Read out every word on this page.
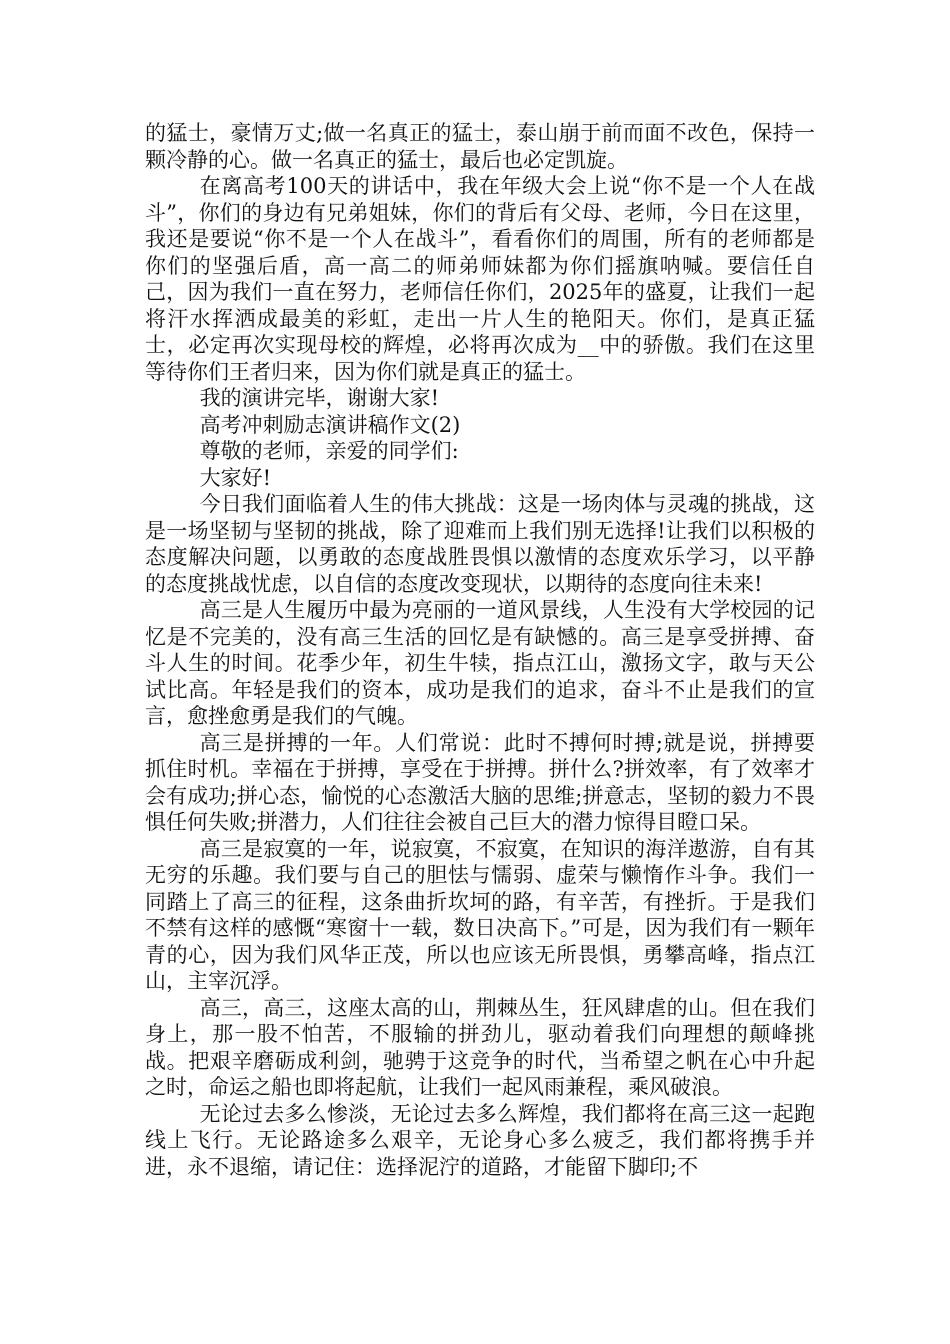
的猛士，豪情万丈;做一名真正的猛士，泰山崩于前而面不改色，保持一颗冷静的心。做一名真正的猛士，最后也必定凯旋。

在离高考100天的讲话中，我在年级大会上说“你不是一个人在战斗”，你们的身边有兄弟姐妹，你们的背后有父母、老师，今日在这里，我还是要说“你不是一个人在战斗”，看看你们的周围，所有的老师都是你们的坚强后盾，高一高二的师弟师妹都为你们摇旗呐喊。要信任自己，因为我们一直在努力，老师信任你们，2025年的盛夏，让我们一起将汗水挥洒成最美的彩虹，走出一片人生的艳阳天。你们，是真正猛士，必定再次实现母校的辉煌，必将再次成为__中的骄傲。我们在这里等待你们王者归来，因为你们就是真正的猛士。

我的演讲完毕，谢谢大家!

高考冲刺励志演讲稿作文(2)

尊敬的老师，亲爱的同学们:

大家好!

今日我们面临着人生的伟大挑战：这是一场肉体与灵魂的挑战，这是一场坚韧与坚韧的挑战，除了迎难而上我们别无选择!让我们以积极的态度解决问题，以勇敢的态度战胜畏惧以激情的态度欢乐学习，以平静的态度挑战忧虑，以自信的态度改变现状，以期待的态度向往未来!

高三是人生履历中最为亮丽的一道风景线，人生没有大学校园的记忆是不完美的，没有高三生活的回忆是有缺憾的。高三是享受拼搏、奋斗人生的时间。花季少年，初生牛犊，指点江山，激扬文字，敢与天公试比高。年轻是我们的资本，成功是我们的追求，奋斗不止是我们的宣言，愈挫愈勇是我们的气魄。

高三是拼搏的一年。人们常说：此时不搏何时搏;就是说，拼搏要抓住时机。幸福在于拼搏，享受在于拼搏。拼什么?拼效率，有了效率才会有成功;拼心态，愉悦的心态激活大脑的思维;拼意志，坚韧的毅力不畏惧任何失败;拼潜力，人们往往会被自己巨大的潜力惊得目瞪口呆。

高三是寂寞的一年，说寂寞，不寂寞，在知识的海洋遨游，自有其无穷的乐趣。我们要与自己的胆怯与懦弱、虚荣与懒惰作斗争。我们一同踏上了高三的征程，这条曲折坎坷的路，有辛苦，有挫折。于是我们不禁有这样的感慨“寒窗十一载，数日决高下。”可是，因为我们有一颗年青的心，因为我们风华正茂，所以也应该无所畏惧，勇攀高峰，指点江山，主宰沉浮。

高三，高三，这座太高的山，荆棘丛生，狂风肆虐的山。但在我们身上，那一股不怕苦，不服输的拼劲儿，驱动着我们向理想的颠峰挑战。把艰辛磨砺成利剑，驰骋于这竞争的时代，当希望之帆在心中升起之时，命运之船也即将起航，让我们一起风雨兼程，乘风破浪。

无论过去多么惨淡，无论过去多么辉煌，我们都将在高三这一起跑线上飞行。无论路途多么艰辛，无论身心多么疲乏，我们都将携手并进，永不退缩，请记住：选择泥泞的道路，才能留下脚印;不
